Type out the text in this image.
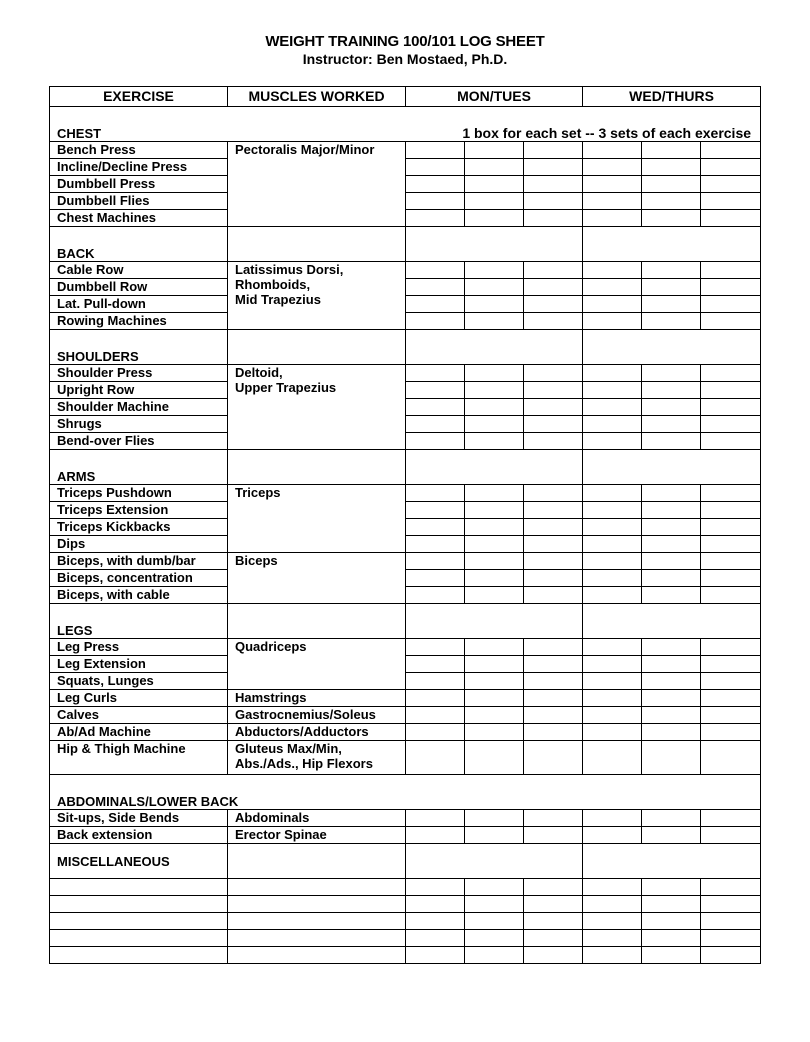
WEIGHT TRAINING 100/101 LOG SHEET
Instructor: Ben Mostaed, Ph.D.
EXERCISE	MUSCLES WORKED	MON/TUES			WED/THURS		
CHEST	1 box for each set -- 3 sets of each exercise						
Bench Press	Pectoralis Major/Minor						
Incline/Decline Press							
Dumbbell Press							
Dumbbell Flies							
Chest Machines							
BACK							
Cable Row	Latissimus Dorsi,
Rhomboids,
Mid Trapezius						

Dumbbell Row							
Lat. Pull-down							
Rowing Machines							
SHOULDERS							
Shoulder Press	Deltoid,
Upper Trapezius						

Upright Row							
Shoulder Machine							
Shrugs							
Bend-over Flies							
ARMS							
Triceps Pushdown	Triceps						
Triceps Extension							
Triceps Kickbacks							
Dips							
Biceps, with dumb/bar	Biceps						
Biceps, concentration							
Biceps, with cable							
LEGS							
Leg Press	Quadriceps						
Leg Extension							
Squats, Lunges							
Leg Curls	Hamstrings						
Calves	Gastrocnemius/Soleus						
Ab/Ad Machine	Abductors/Adductors						
Hip & Thigh Machine	Gluteus Max/Min,
Abs./Ads., Hip Flexors						

ABDOMINALS/LOWER BACK							
Sit-ups, Side Bends	Abdominals						
Back extension	Erector Spinae						
MISCELLANEOUS							
